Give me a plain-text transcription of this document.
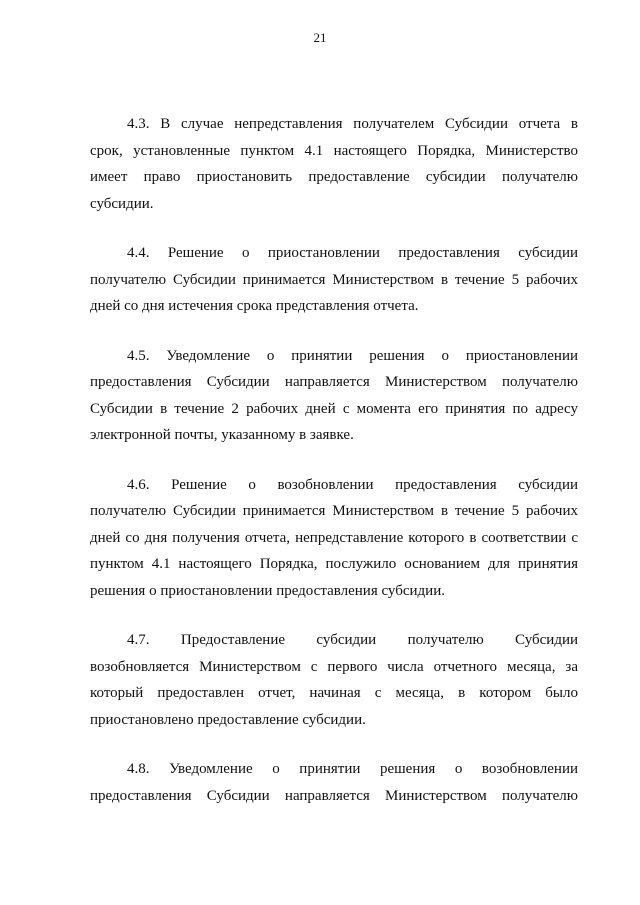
21
4.3. В случае непредставления получателем Субсидии отчета в
срок, установленные пунктом 4.1 настоящего Порядка, Министерство
имеет право приостановить предоставление субсидии получателю
субсидии.
4.4. Решение о приостановлении предоставления субсидии
получателю Субсидии принимается Министерством в течение 5 рабочих
дней со дня истечения срока представления отчета.
4.5. Уведомление о принятии решения о приостановлении
предоставления Субсидии направляется Министерством получателю
Субсидии в течение 2 рабочих дней с момента его принятия по адресу
электронной почты, указанному в заявке.
4.6. Решение о возобновлении предоставления субсидии
получателю Субсидии принимается Министерством в течение 5 рабочих
дней со дня получения отчета, непредставление которого в соответствии с
пунктом 4.1 настоящего Порядка, послужило основанием для принятия
решения о приостановлении предоставления субсидии.
4.7. Предоставление субсидии получателю Субсидии
возобновляется Министерством с первого числа отчетного месяца, за
который предоставлен отчет, начиная с месяца, в котором было
приостановлено предоставление субсидии.
4.8. Уведомление о принятии решения о возобновлении
предоставления Субсидии направляется Министерством получателю
